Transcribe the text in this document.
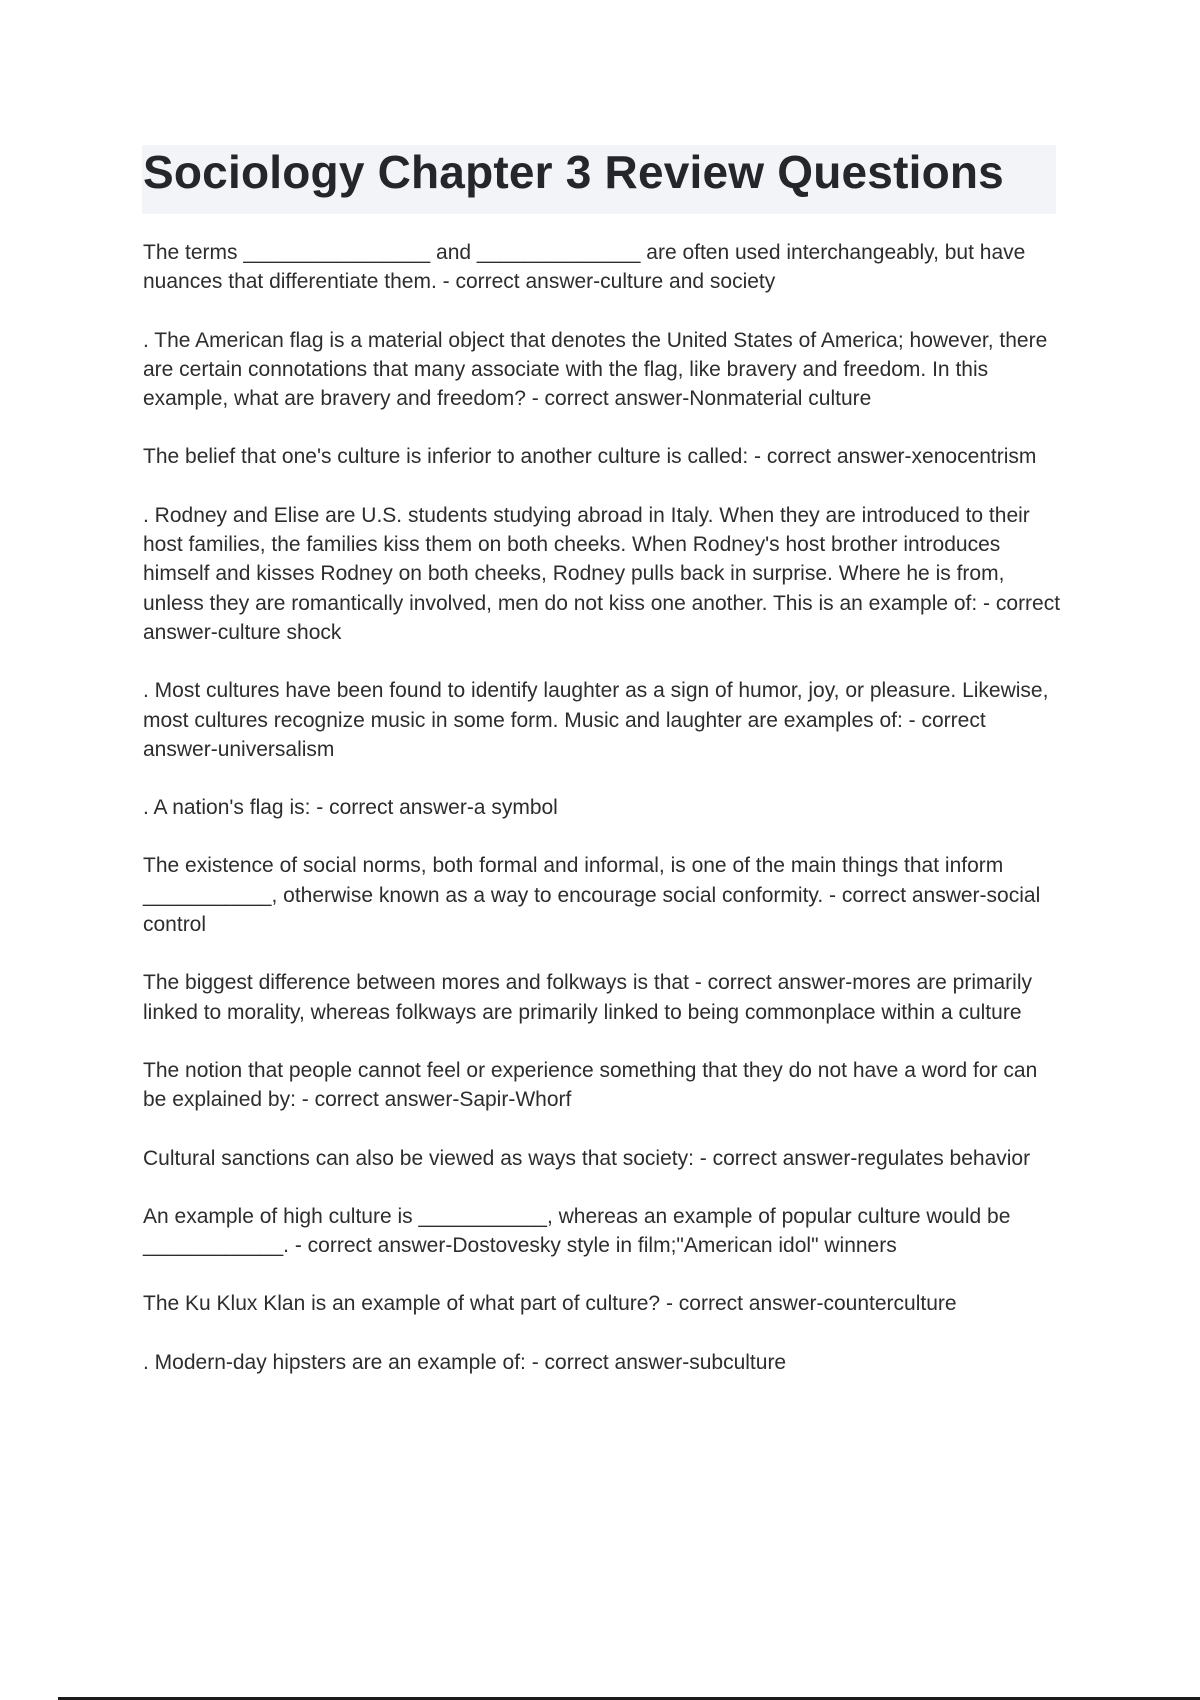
Sociology Chapter 3 Review Questions

The terms ________________ and ______________ are often used interchangeably, but have nuances that differentiate them. - correct answer-culture and society

. The American flag is a material object that denotes the United States of America; however, there are certain connotations that many associate with the flag, like bravery and freedom. In this example, what are bravery and freedom? - correct answer-Nonmaterial culture

The belief that one's culture is inferior to another culture is called: - correct answer-xenocentrism

. Rodney and Elise are U.S. students studying abroad in Italy. When they are introduced to their host families, the families kiss them on both cheeks. When Rodney's host brother introduces himself and kisses Rodney on both cheeks, Rodney pulls back in surprise. Where he is from, unless they are romantically involved, men do not kiss one another. This is an example of: - correct answer-culture shock

. Most cultures have been found to identify laughter as a sign of humor, joy, or pleasure. Likewise, most cultures recognize music in some form. Music and laughter are examples of: - correct answer-universalism

. A nation's flag is: - correct answer-a symbol

The existence of social norms, both formal and informal, is one of the main things that inform ___________, otherwise known as a way to encourage social conformity. - correct answer-social control

The biggest difference between mores and folkways is that - correct answer-mores are primarily linked to morality, whereas folkways are primarily linked to being commonplace within a culture

The notion that people cannot feel or experience something that they do not have a word for can be explained by: - correct answer-Sapir-Whorf

Cultural sanctions can also be viewed as ways that society: - correct answer-regulates behavior

An example of high culture is ___________, whereas an example of popular culture would be ____________. - correct answer-Dostovesky style in film;"American idol" winners

The Ku Klux Klan is an example of what part of culture? - correct answer-counterculture

. Modern-day hipsters are an example of: - correct answer-subculture
